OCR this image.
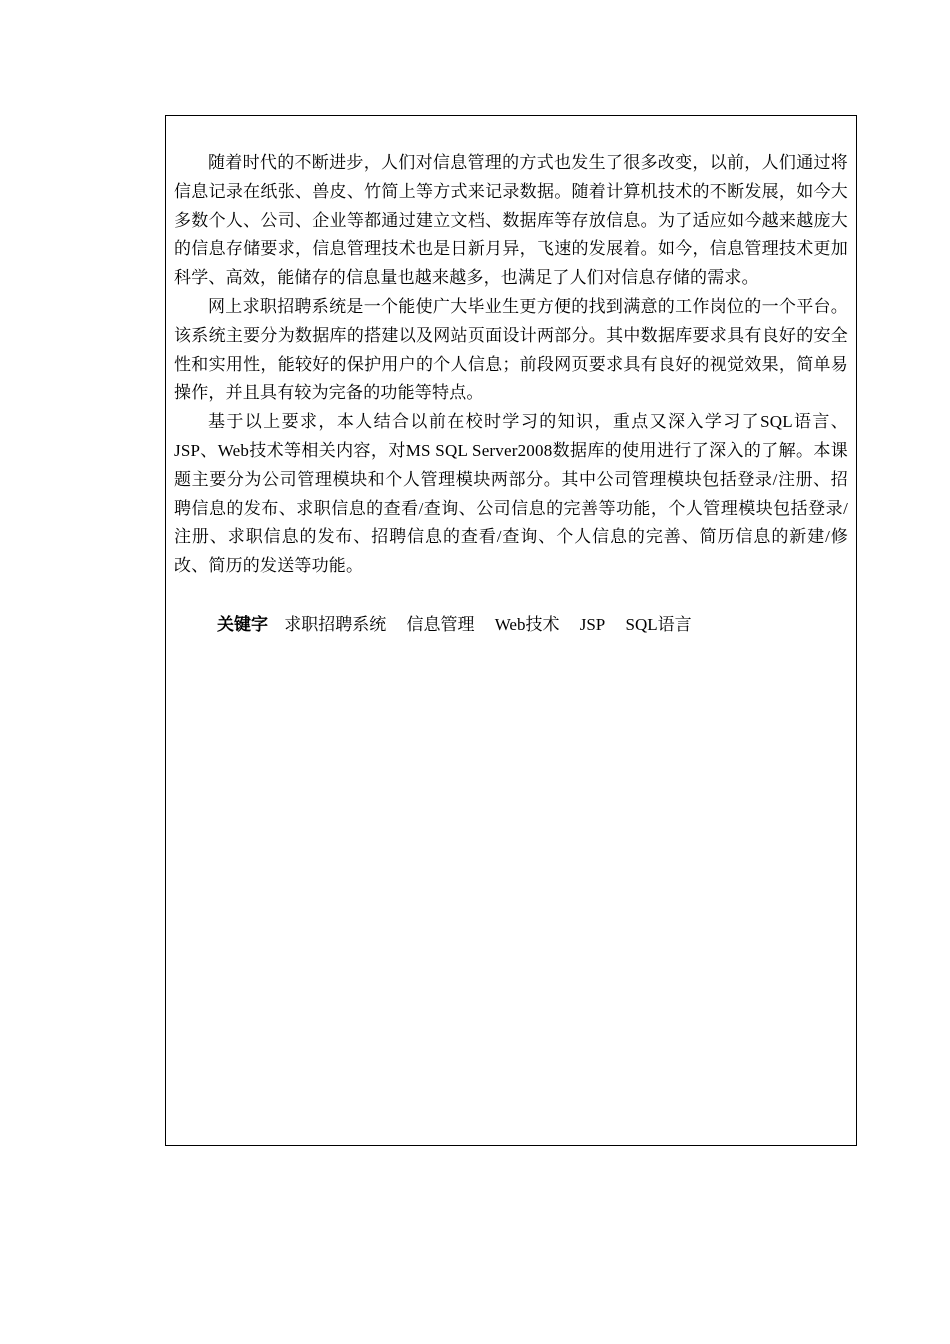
随着时代的不断进步，人们对信息管理的方式也发生了很多改变，以前，人们通过将信息记录在纸张、兽皮、竹简上等方式来记录数据。随着计算机技术的不断发展，如今大多数个人、公司、企业等都通过建立文档、数据库等存放信息。为了适应如今越来越庞大的信息存储要求，信息管理技术也是日新月异，飞速的发展着。如今，信息管理技术更加科学、高效，能储存的信息量也越来越多，也满足了人们对信息存储的需求。

网上求职招聘系统是一个能使广大毕业生更方便的找到满意的工作岗位的一个平台。该系统主要分为数据库的搭建以及网站页面设计两部分。其中数据库要求具有良好的安全性和实用性，能较好的保护用户的个人信息；前段网页要求具有良好的视觉效果，简单易操作，并且具有较为完备的功能等特点。

基于以上要求，本人结合以前在校时学习的知识，重点又深入学习了SQL语言、JSP、Web技术等相关内容，对MS SQL Server2008数据库的使用进行了深入的了解。本课题主要分为公司管理模块和个人管理模块两部分。其中公司管理模块包括登录/注册、招聘信息的发布、求职信息的查看/查询、公司信息的完善等功能，个人管理模块包括登录/注册、求职信息的发布、招聘信息的查看/查询、个人信息的完善、简历信息的新建/修改、简历的发送等功能。

关键字 求职招聘系统 信息管理 Web技术 JSP SQL语言
